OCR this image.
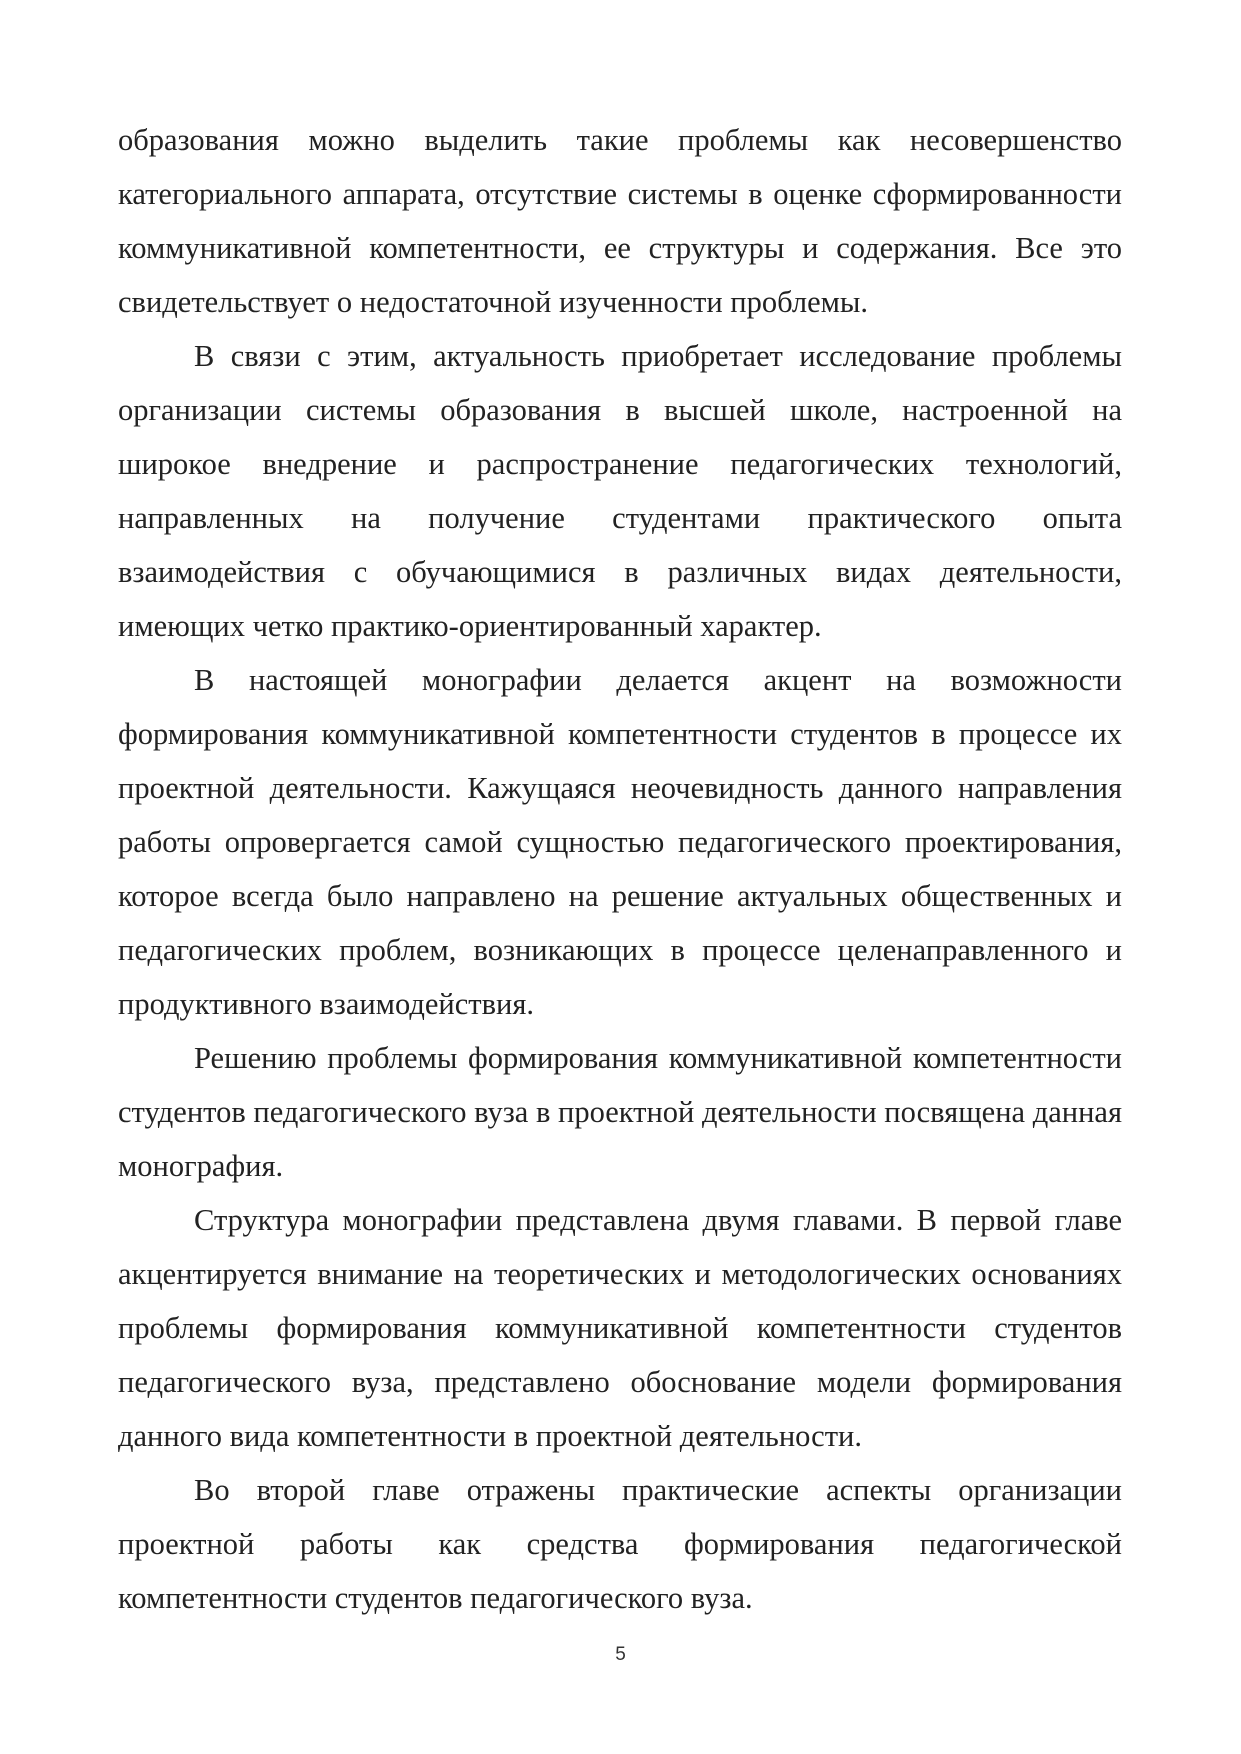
образования можно выделить такие проблемы как несовершенство категориального аппарата, отсутствие системы в оценке сформированности коммуникативной компетентности, ее структуры и содержания. Все это свидетельствует о недостаточной изученности проблемы.

В связи с этим, актуальность приобретает исследование проблемы организации системы образования в высшей школе, настроенной на широкое внедрение и распространение педагогических технологий, направленных на получение студентами практического опыта взаимодействия с обучающимися в различных видах деятельности, имеющих четко практико-ориентированный характер.

В настоящей монографии делается акцент на возможности формирования коммуникативной компетентности студентов в процессе их проектной деятельности. Кажущаяся неочевидность данного направления работы опровергается самой сущностью педагогического проектирования, которое всегда было направлено на решение актуальных общественных и педагогических проблем, возникающих в процессе целенаправленного и продуктивного взаимодействия.

Решению проблемы формирования коммуникативной компетентности студентов педагогического вуза в проектной деятельности посвящена данная монография.

Структура монографии представлена двумя главами. В первой главе акцентируется внимание на теоретических и методологических основаниях проблемы формирования коммуникативной компетентности студентов педагогического вуза, представлено обоснование модели формирования данного вида компетентности в проектной деятельности.

Во второй главе отражены практические аспекты организации проектной работы как средства формирования педагогической компетентности студентов педагогического вуза.

5
